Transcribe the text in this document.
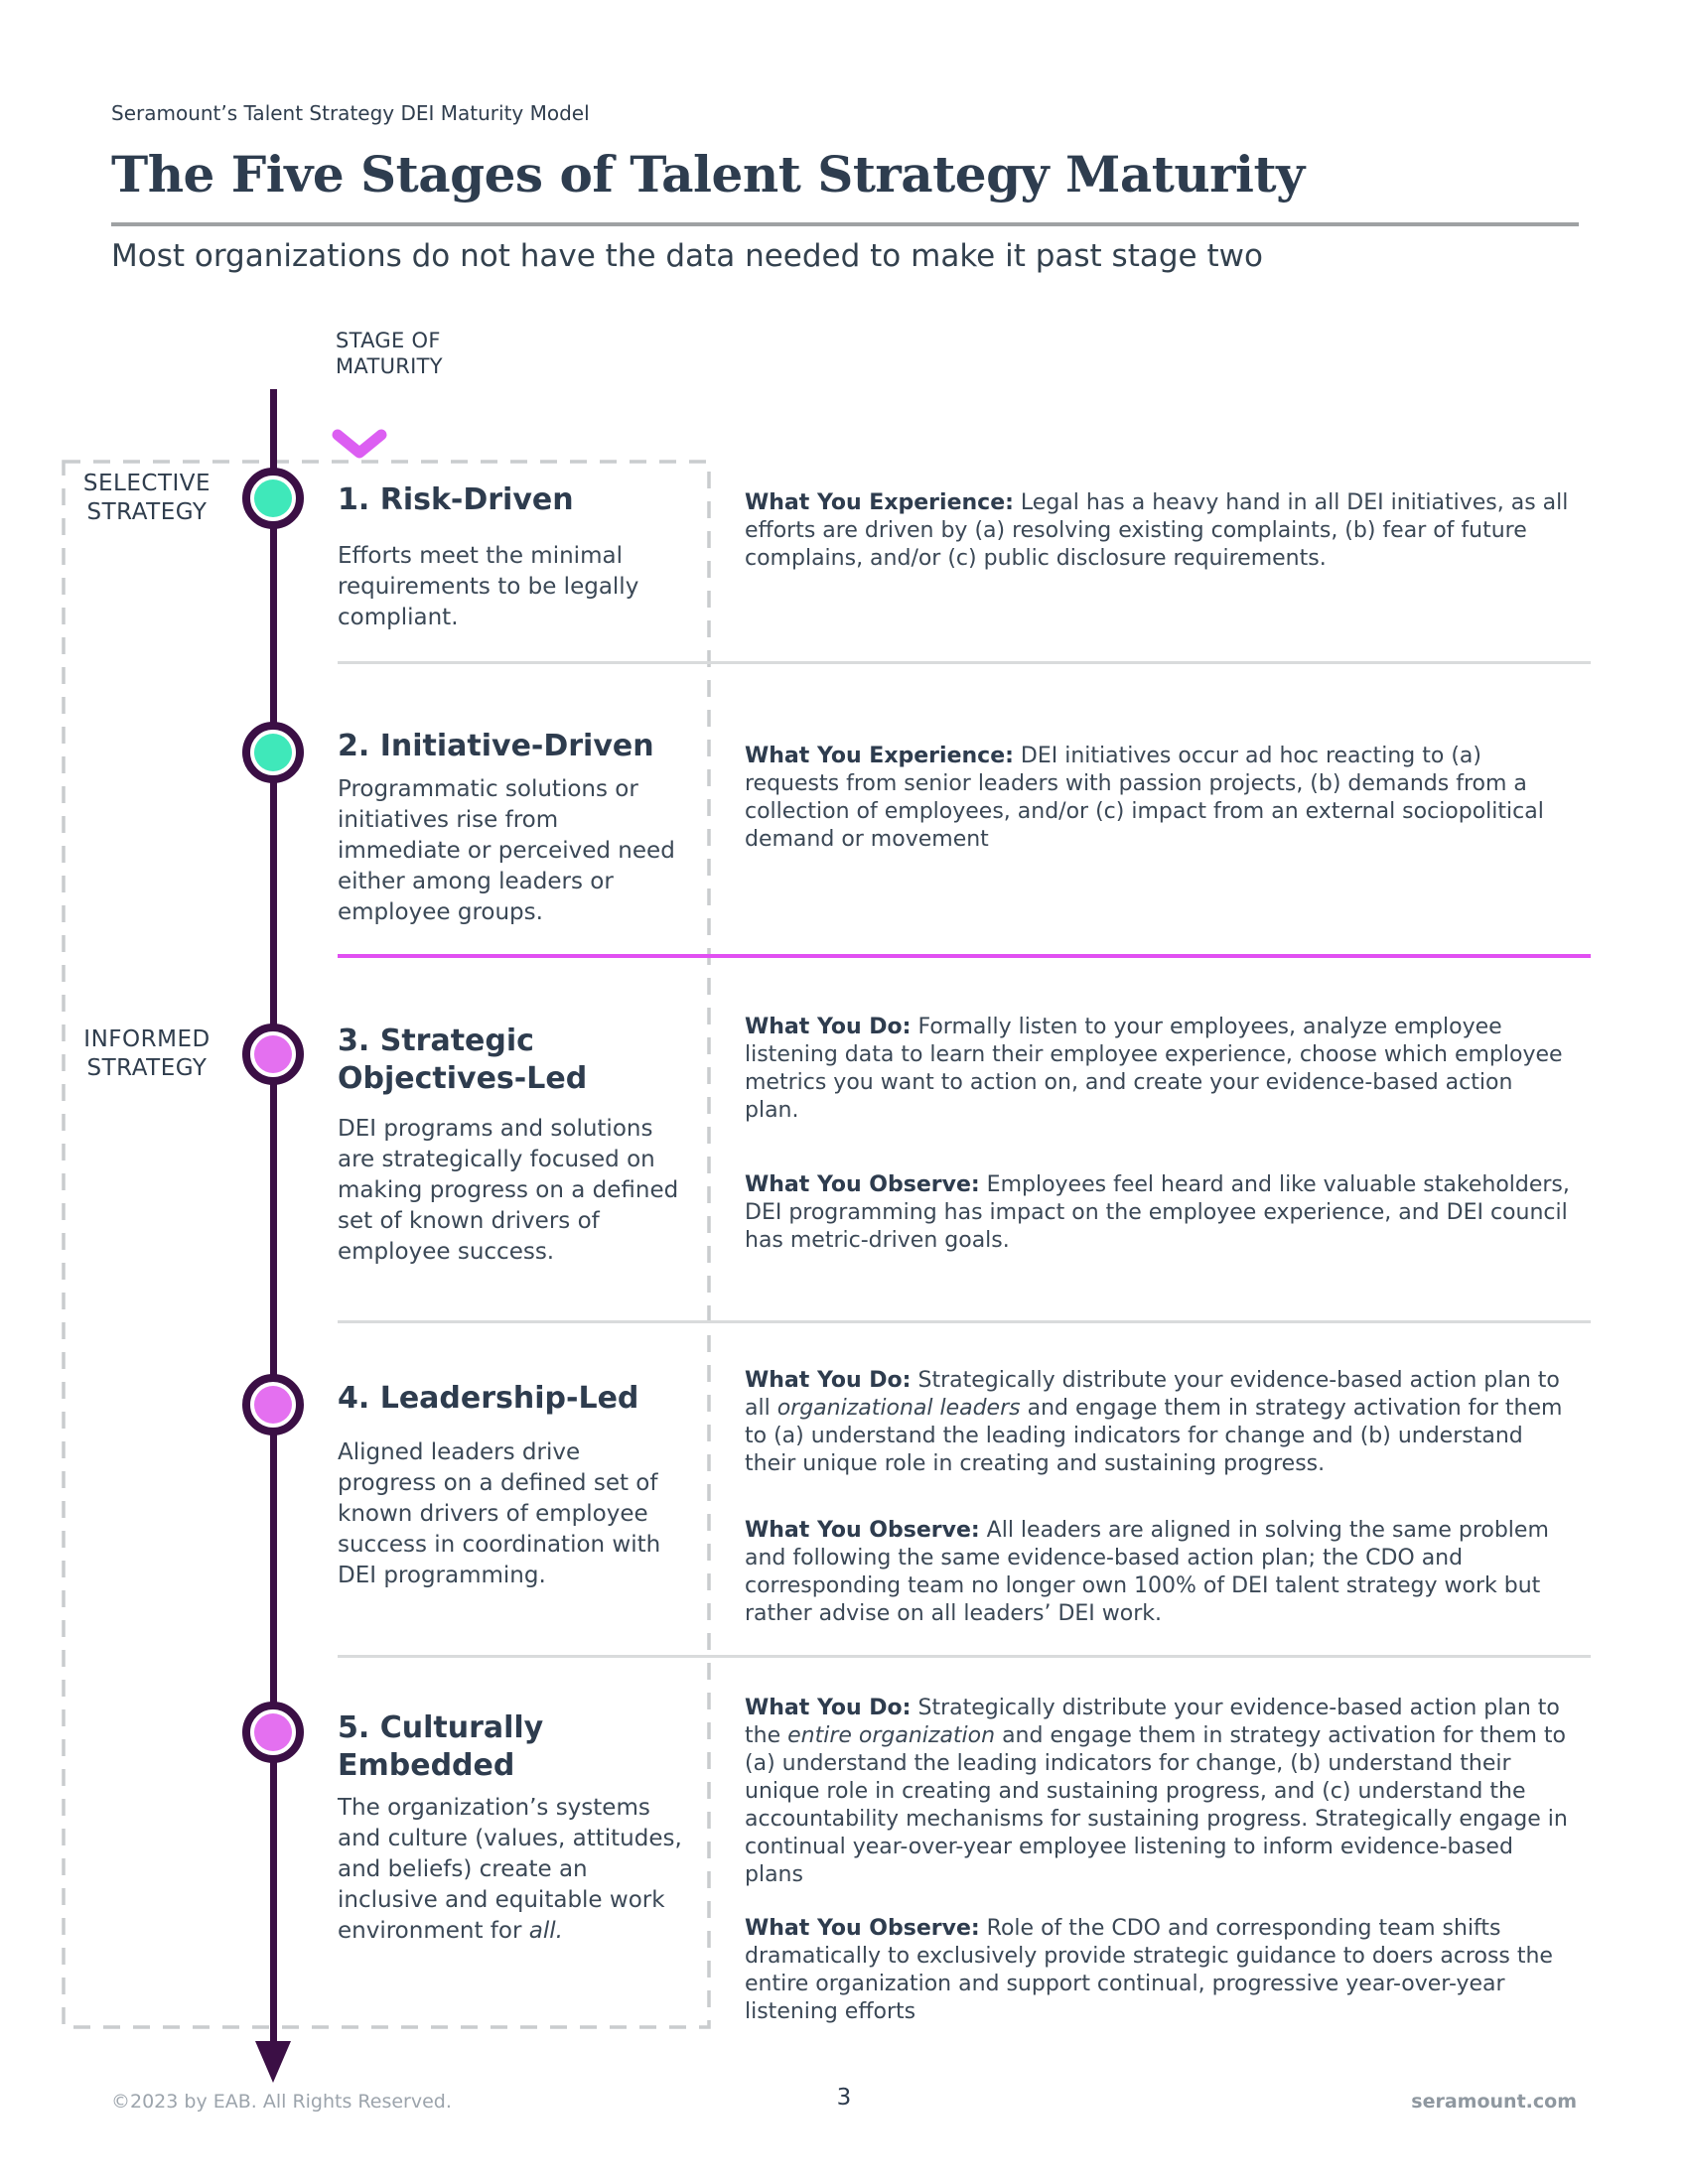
Seramount’s Talent Strategy DEI Maturity Model
The Five Stages of Talent Strategy Maturity
Most organizations do not have the data needed to make it past stage two
STAGE OF
MATURITY
SELECTIVE
STRATEGY
INFORMED
STRATEGY
1. Risk-Driven
Efforts meet the minimal requirements to be legally compliant.
What You Experience: Legal has a heavy hand in all DEI initiatives, as all efforts are driven by (a) resolving existing complaints, (b) fear of future complains, and/or (c) public disclosure requirements.
2. Initiative-Driven
Programmatic solutions or initiatives rise from immediate or perceived need either among leaders or employee groups.
What You Experience: DEI initiatives occur ad hoc reacting to (a) requests from senior leaders with passion projects, (b) demands from a collection of employees, and/or (c) impact from an external sociopolitical demand or movement
3. Strategic Objectives-Led
DEI programs and solutions are strategically focused on making progress on a defined set of known drivers of employee success.
What You Do: Formally listen to your employees, analyze employee listening data to learn their employee experience, choose which employee metrics you want to action on, and create your evidence-based action plan.
What You Observe: Employees feel heard and like valuable stakeholders, DEI programming has impact on the employee experience, and DEI council has metric-driven goals.
4. Leadership-Led
Aligned leaders drive progress on a defined set of known drivers of employee success in coordination with DEI programming.
What You Do: Strategically distribute your evidence-based action plan to all organizational leaders and engage them in strategy activation for them to (a) understand the leading indicators for change and (b) understand their unique role in creating and sustaining progress.
What You Observe: All leaders are aligned in solving the same problem and following the same evidence-based action plan; the CDO and corresponding team no longer own 100% of DEI talent strategy work but rather advise on all leaders’ DEI work.
5. Culturally Embedded
The organization’s systems and culture (values, attitudes, and beliefs) create an inclusive and equitable work environment for all.
What You Do: Strategically distribute your evidence-based action plan to the entire organization and engage them in strategy activation for them to (a) understand the leading indicators for change, (b) understand their unique role in creating and sustaining progress, and (c) understand the accountability mechanisms for sustaining progress. Strategically engage in continual year-over-year employee listening to inform evidence-based plans
What You Observe: Role of the CDO and corresponding team shifts dramatically to exclusively provide strategic guidance to doers across the entire organization and support continual, progressive year-over-year listening efforts
©2023 by EAB. All Rights Reserved.	3	seramount.com
